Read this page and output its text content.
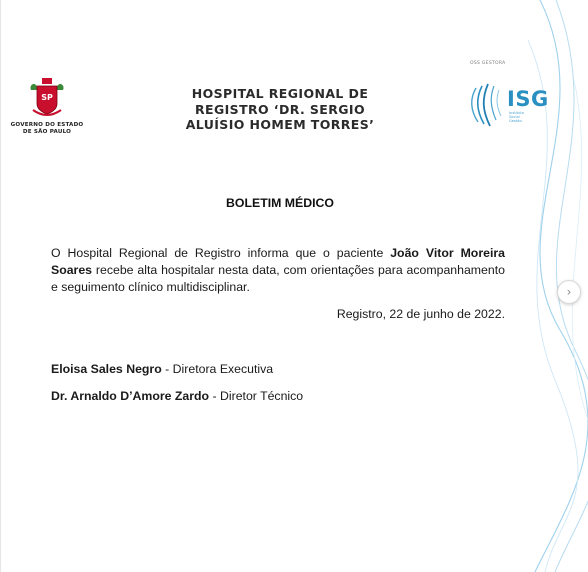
SP
GOVERNO DO ESTADO
DE SÃO PAULO
HOSPITAL REGIONAL DE
REGISTRO ‘DR. SERGIO
ALUÍSIO HOMEM TORRES’
OSS GESTORA
ISG
Instituto
Social
Gestão
BOLETIM MÉDICO
O Hospital Regional de Registro informa que o paciente João Vitor Moreira Soares recebe alta hospitalar nesta data, com orientações para acompanhamento e seguimento clínico multidisciplinar.
Registro, 22 de junho de 2022.
Eloisa Sales Negro - Diretora Executiva
Dr. Arnaldo D’Amore Zardo - Diretor Técnico
›
